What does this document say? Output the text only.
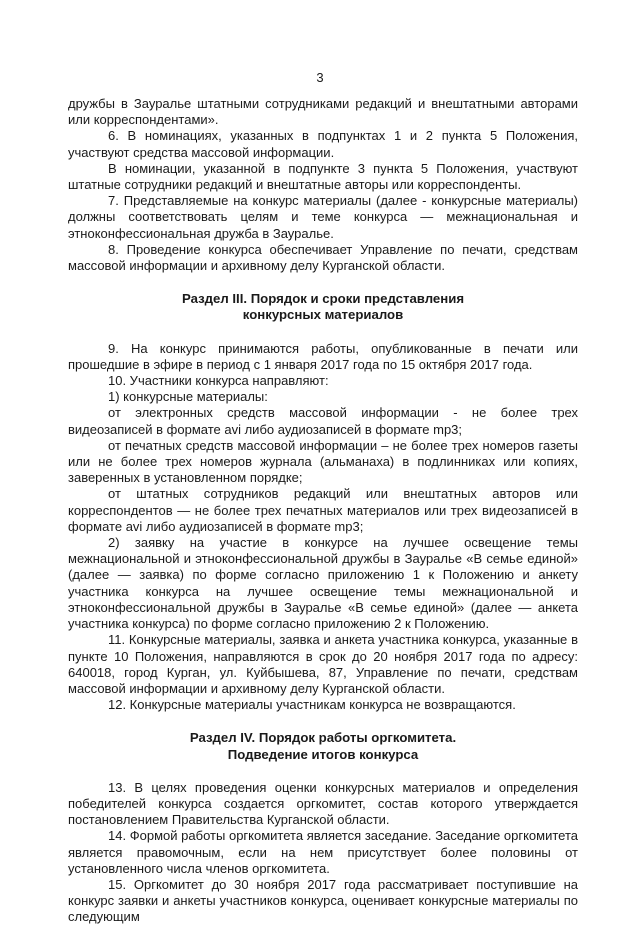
3

дружбы в Зауралье штатными сотрудниками редакций и внештатными авторами или корреспондентами».

6. В номинациях, указанных в подпунктах 1 и 2 пункта 5 Положения, участвуют средства массовой информации.

В номинации, указанной в подпункте 3 пункта 5 Положения, участвуют штатные сотрудники редакций и внештатные авторы или корреспонденты.

7. Представляемые на конкурс материалы (далее - конкурсные материалы) должны соответствовать целям и теме конкурса — межнациональная и этноконфессиональная дружба в Зауралье.

8. Проведение конкурса обеспечивает Управление по печати, средствам массовой информации и архивному делу Курганской области.

Раздел III. Порядок и сроки представления
конкурсных материалов

9. На конкурс принимаются работы, опубликованные в печати или прошедшие в эфире в период с 1 января 2017 года по 15 октября 2017 года.

10. Участники конкурса направляют:

1) конкурсные материалы:

от электронных средств массовой информации - не более трех видеозаписей в формате avi либо аудиозаписей в формате mp3;

от печатных средств массовой информации – не более трех номеров газеты или не более трех номеров журнала (альманаха) в подлинниках или копиях, заверенных в установленном порядке;

от штатных сотрудников редакций или внештатных авторов или корреспондентов — не более трех печатных материалов или трех видеозаписей в формате avi либо аудиозаписей в формате mp3;

2) заявку на участие в конкурсе на лучшее освещение темы межнациональной и этноконфессиональной дружбы в Зауралье «В семье единой» (далее — заявка) по форме согласно приложению 1 к Положению и анкету участника конкурса на лучшее освещение темы межнациональной и этноконфессиональной дружбы в Зауралье «В семье единой» (далее — анкета участника конкурса) по форме согласно приложению 2 к Положению.

11. Конкурсные материалы, заявка и анкета участника конкурса, указанные в пункте 10 Положения, направляются в срок до 20 ноября 2017 года по адресу: 640018, город Курган, ул. Куйбышева, 87, Управление по печати, средствам массовой информации и архивному делу Курганской области.

12. Конкурсные материалы участникам конкурса не возвращаются.

Раздел IV. Порядок работы оргкомитета.
Подведение итогов конкурса

13. В целях проведения оценки конкурсных материалов и определения победителей конкурса создается оргкомитет, состав которого утверждается постановлением Правительства Курганской области.

14. Формой работы оргкомитета является заседание. Заседание оргкомитета является правомочным, если на нем присутствует более половины от установленного числа членов оргкомитета.

15. Оргкомитет до 30 ноября 2017 года рассматривает поступившие на конкурс заявки и анкеты участников конкурса, оценивает конкурсные материалы по следующим
